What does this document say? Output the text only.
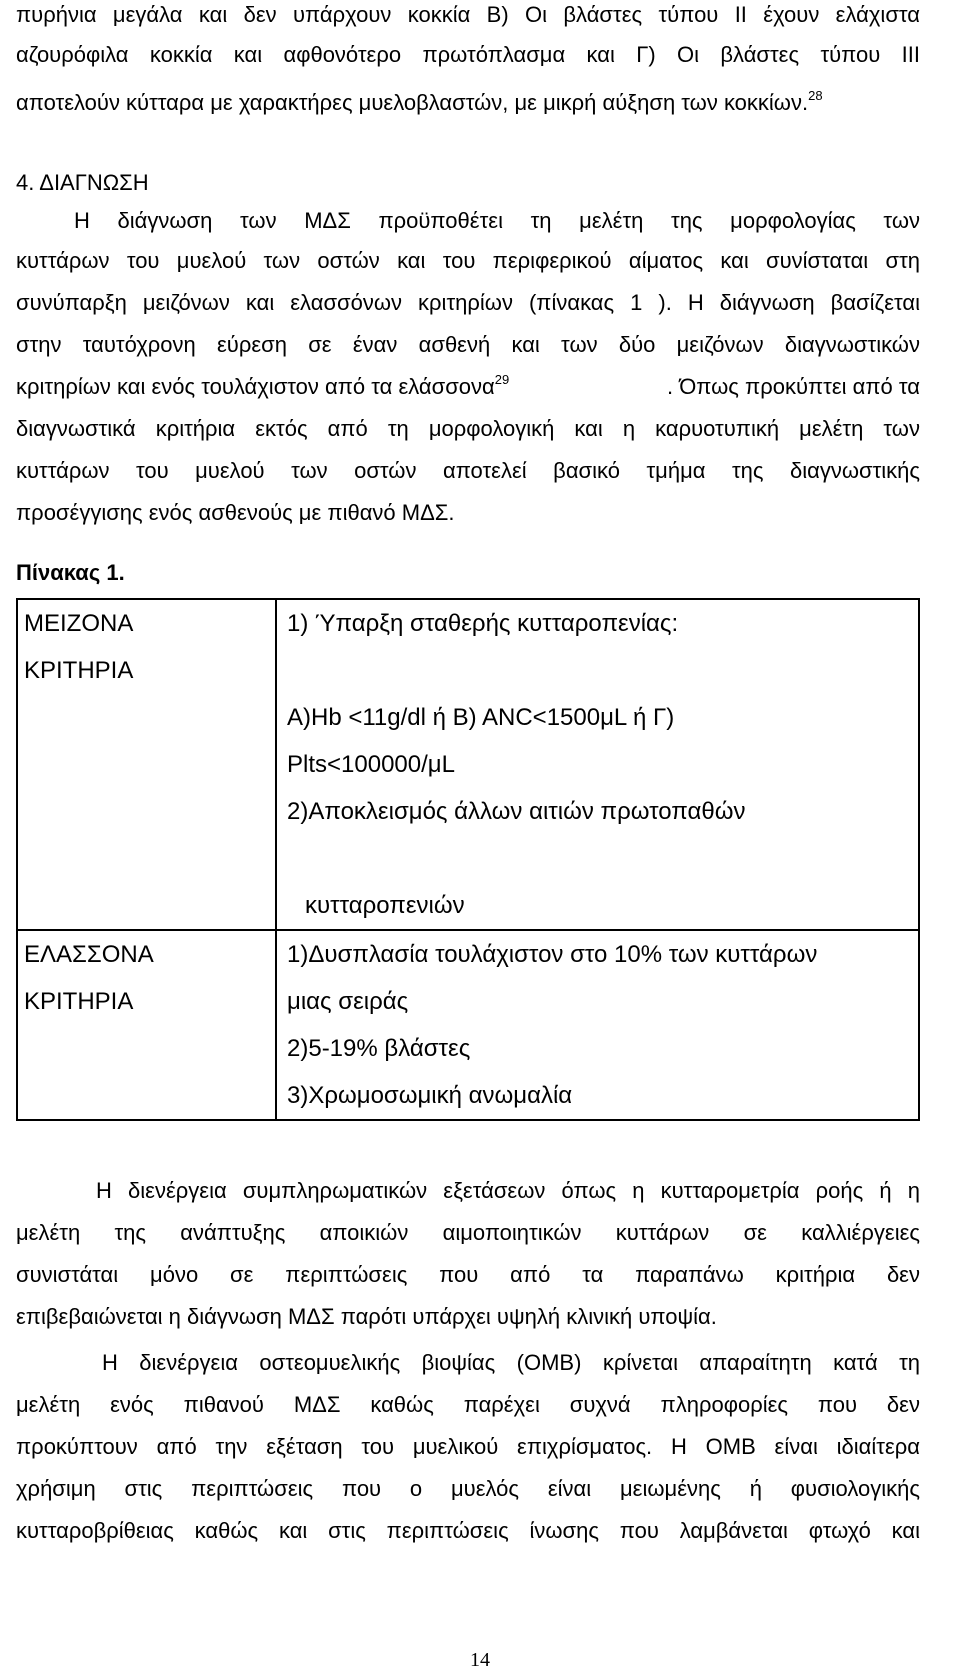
πυρήνια μεγάλα και δεν υπάρχουν κοκκία Β) Οι βλάστες τύπου ΙΙ έχουν ελάχιστα
αζουρόφιλα κοκκία και αφθονότερο πρωτόπλασμα και Γ) Οι βλάστες τύπου ΙΙΙ
αποτελούν κύτταρα με χαρακτήρες μυελοβλαστών, με μικρή αύξηση των κοκκίων.$^{28}$
4. ΔΙΑΓΝΩΣΗ
Η διάγνωση των ΜΔΣ προϋποθέτει τη μελέτη της μορφολογίας των
κυττάρων του μυελού των οστών και του περιφερικού αίματος και συνίσταται στη
συνύπαρξη μειζόνων και ελασσόνων κριτηρίων (πίνακας 1 ). Η διάγνωση βασίζεται
στην ταυτόχρονη εύρεση σε έναν ασθενή και των δύο μειζόνων διαγνωστικών
κριτηρίων και ενός τουλάχιστον από τα ελάσσονα$^{29}$	. Όπως προκύπτει από τα
διαγνωστικά κριτήρια εκτός από τη μορφολογική και η καρυοτυπική μελέτη των
κυττάρων του μυελού των οστών αποτελεί βασικό τμήμα της διαγνωστικής
προσέγγισης ενός ασθενούς με πιθανό ΜΔΣ.
Πίνακας 1.
ΜΕΙΖΟΝΑ
ΚΡΙΤΗΡΙΑ	1) Ύπαρξη σταθερής κυτταροπενίας:
Α)Hb <11g/dl ή B) ANC<1500μL ή Γ)
Plts<100000/μL
2)Αποκλεισμός άλλων αιτιών πρωτοπαθών
κυτταροπενιών

ΕΛΑΣΣΟΝΑ
ΚΡΙΤΗΡΙΑ	1)Δυσπλασία τουλάχιστον στο 10% των κυττάρων
μιας σειράς
2)5-19% βλάστες
3)Χρωμοσωμική ανωμαλία
Η διενέργεια συμπληρωματικών εξετάσεων όπως η κυτταρομετρία ροής ή η
μελέτη της ανάπτυξης αποικιών αιμοποιητικών κυττάρων σε καλλιέργειες
συνιστάται μόνο σε περιπτώσεις που από τα παραπάνω κριτήρια δεν
επιβεβαιώνεται η διάγνωση ΜΔΣ παρότι υπάρχει υψηλή κλινική υποψία.
Η διενέργεια οστεομυελικής βιοψίας (ΟΜΒ) κρίνεται απαραίτητη κατά τη
μελέτη ενός πιθανού ΜΔΣ καθώς παρέχει συχνά πληροφορίες που δεν
προκύπτουν από την εξέταση του μυελικού επιχρίσματος. Η ΟΜΒ είναι ιδιαίτερα
χρήσιμη στις περιπτώσεις που ο μυελός είναι μειωμένης ή φυσιολογικής
κυτταροβρίθειας καθώς και στις περιπτώσεις ίνωσης που λαμβάνεται φτωχό και
14
